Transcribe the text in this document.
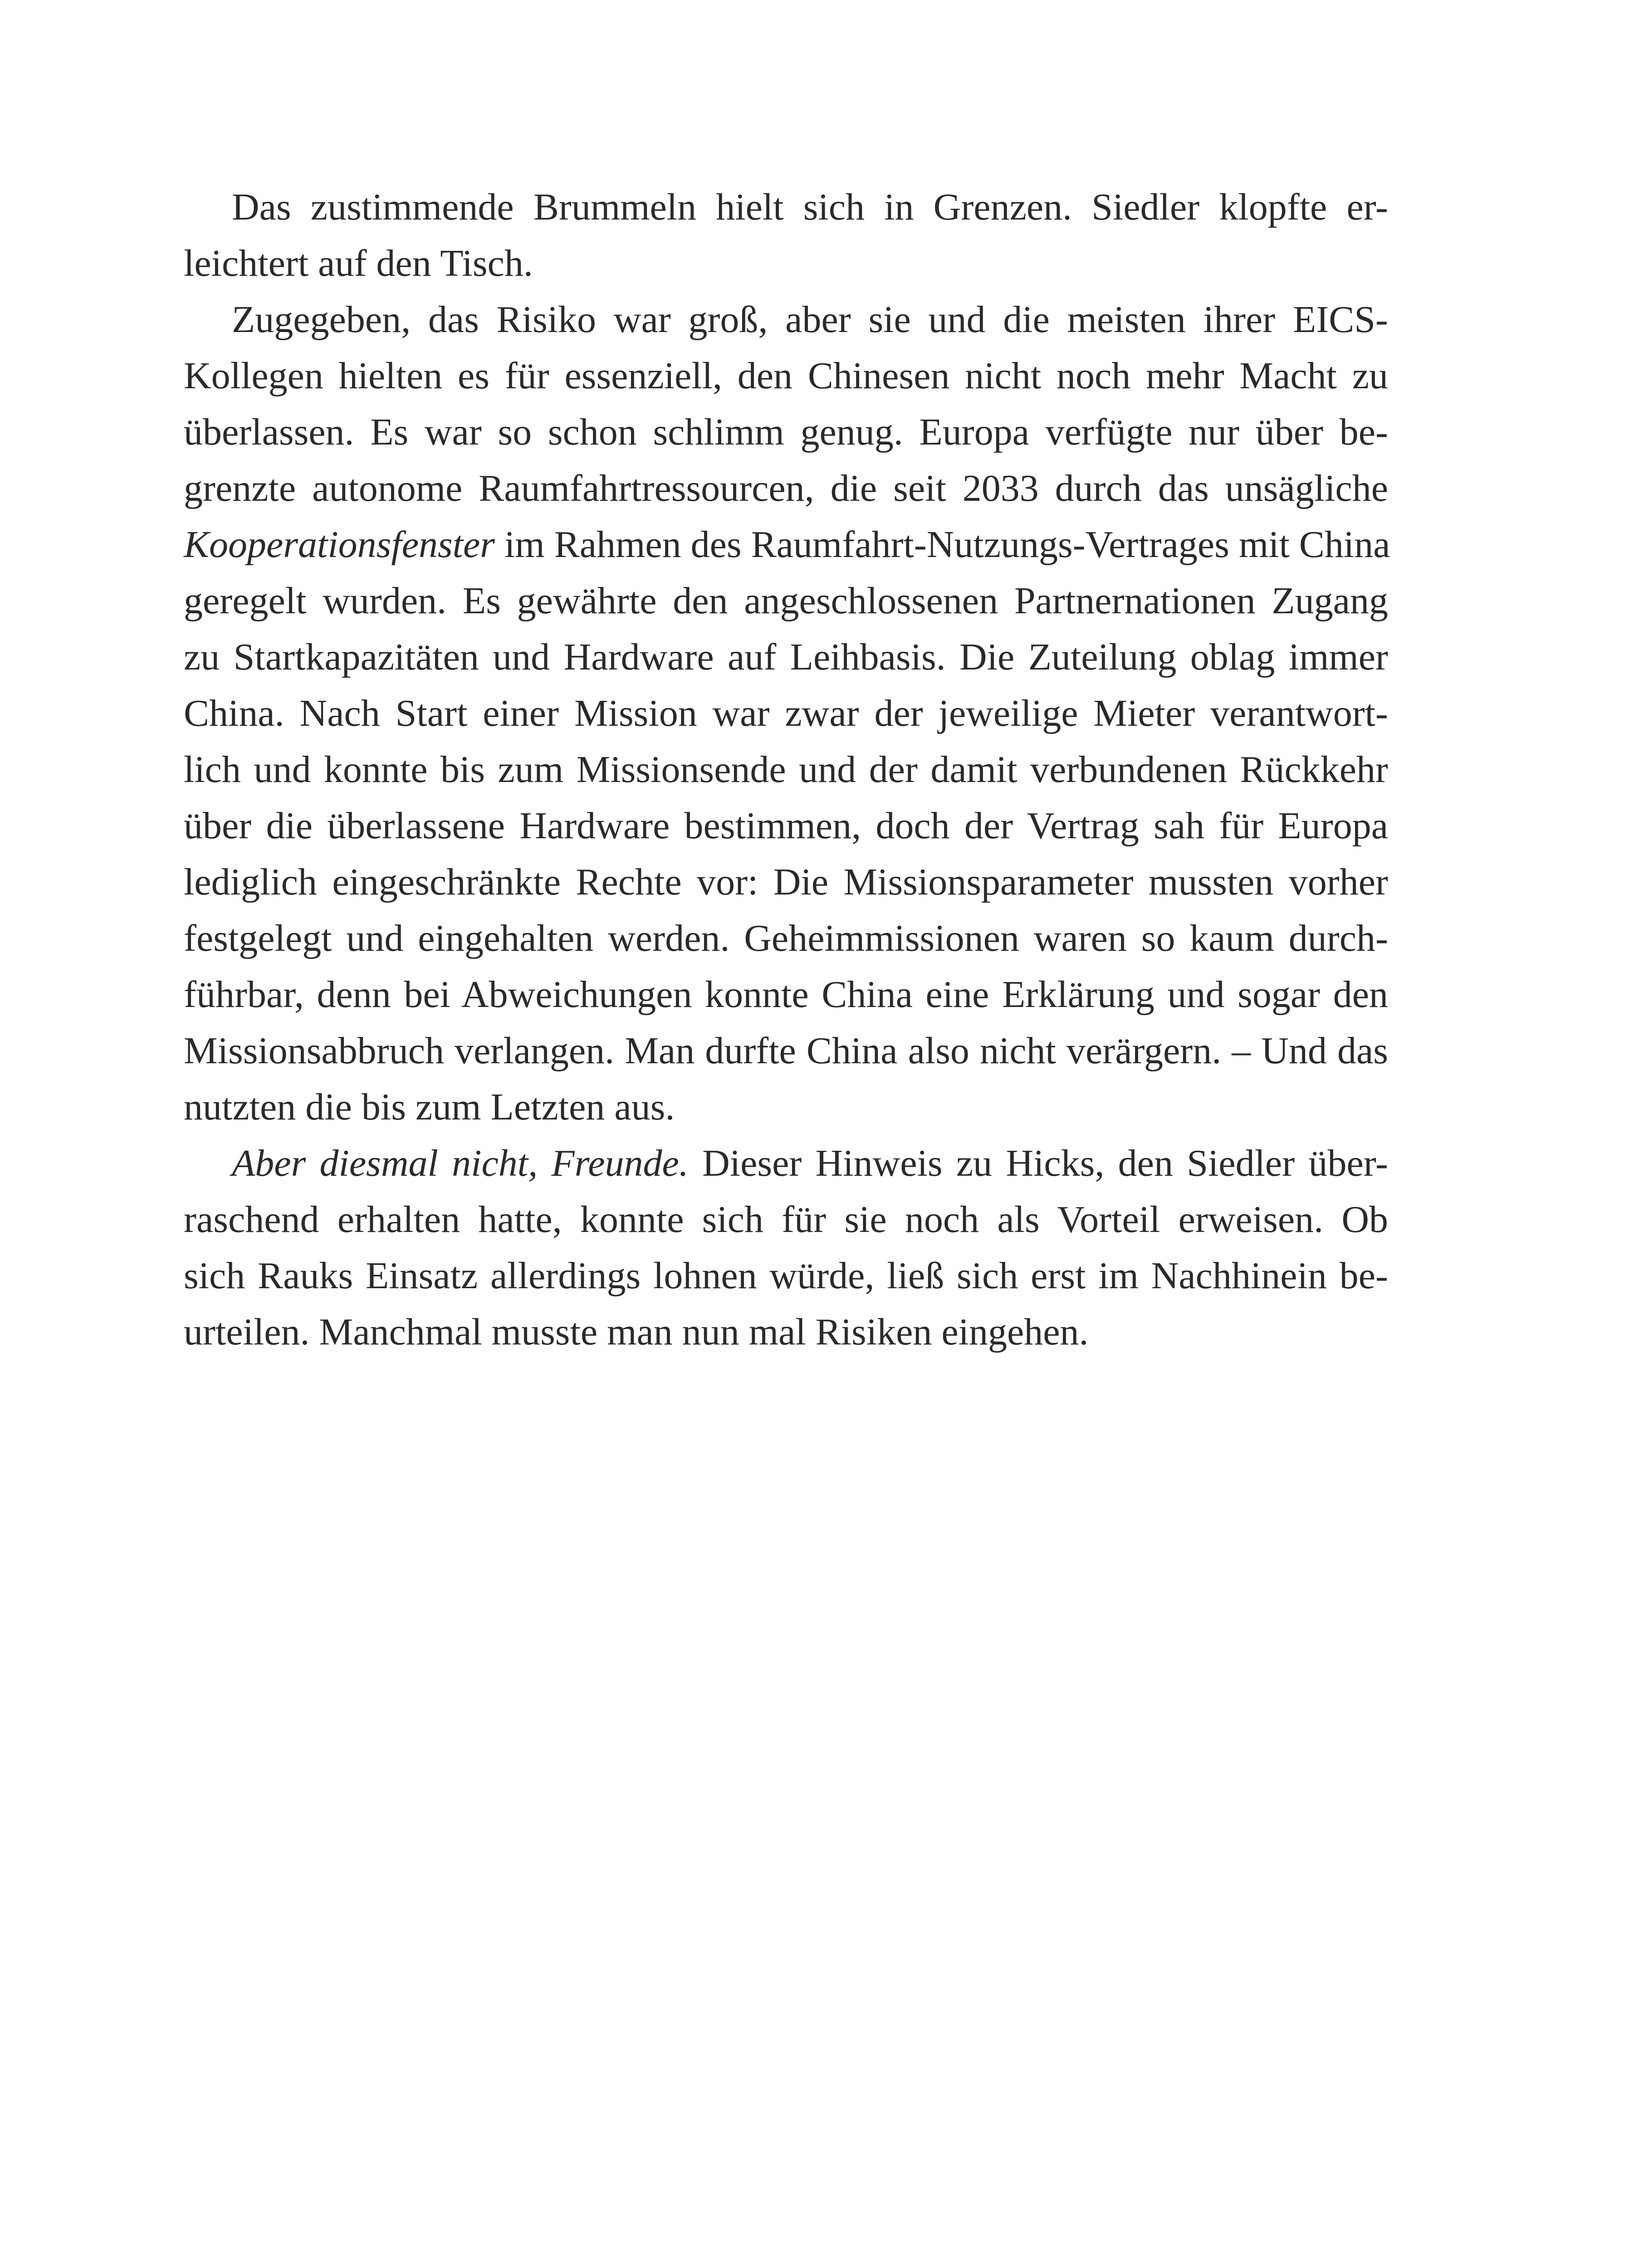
Das zustimmende Brummeln hielt sich in Grenzen. Siedler klopfte er-
leichtert auf den Tisch.
Zugegeben, das Risiko war groß, aber sie und die meisten ihrer EICS-
Kollegen hielten es für essenziell, den Chinesen nicht noch mehr Macht zu
überlassen. Es war so schon schlimm genug. Europa verfügte nur über be-
grenzte autonome Raumfahrtressourcen, die seit 2033 durch das unsägliche
Kooperationsfenster im Rahmen des Raumfahrt-Nutzungs-Vertrages mit China
geregelt wurden. Es gewährte den angeschlossenen Partnernationen Zugang
zu Startkapazitäten und Hardware auf Leihbasis. Die Zuteilung oblag immer
China. Nach Start einer Mission war zwar der jeweilige Mieter verantwort-
lich und konnte bis zum Missionsende und der damit verbundenen Rückkehr
über die überlassene Hardware bestimmen, doch der Vertrag sah für Europa
lediglich eingeschränkte Rechte vor: Die Missionsparameter mussten vorher
festgelegt und eingehalten werden. Geheimmissionen waren so kaum durch-
führbar, denn bei Abweichungen konnte China eine Erklärung und sogar den
Missionsabbruch verlangen. Man durfte China also nicht verärgern. – Und das
nutzten die bis zum Letzten aus.
Aber diesmal nicht, Freunde. Dieser Hinweis zu Hicks, den Siedler über-
raschend erhalten hatte, konnte sich für sie noch als Vorteil erweisen. Ob
sich Rauks Einsatz allerdings lohnen würde, ließ sich erst im Nachhinein be-
urteilen. Manchmal musste man nun mal Risiken eingehen.
